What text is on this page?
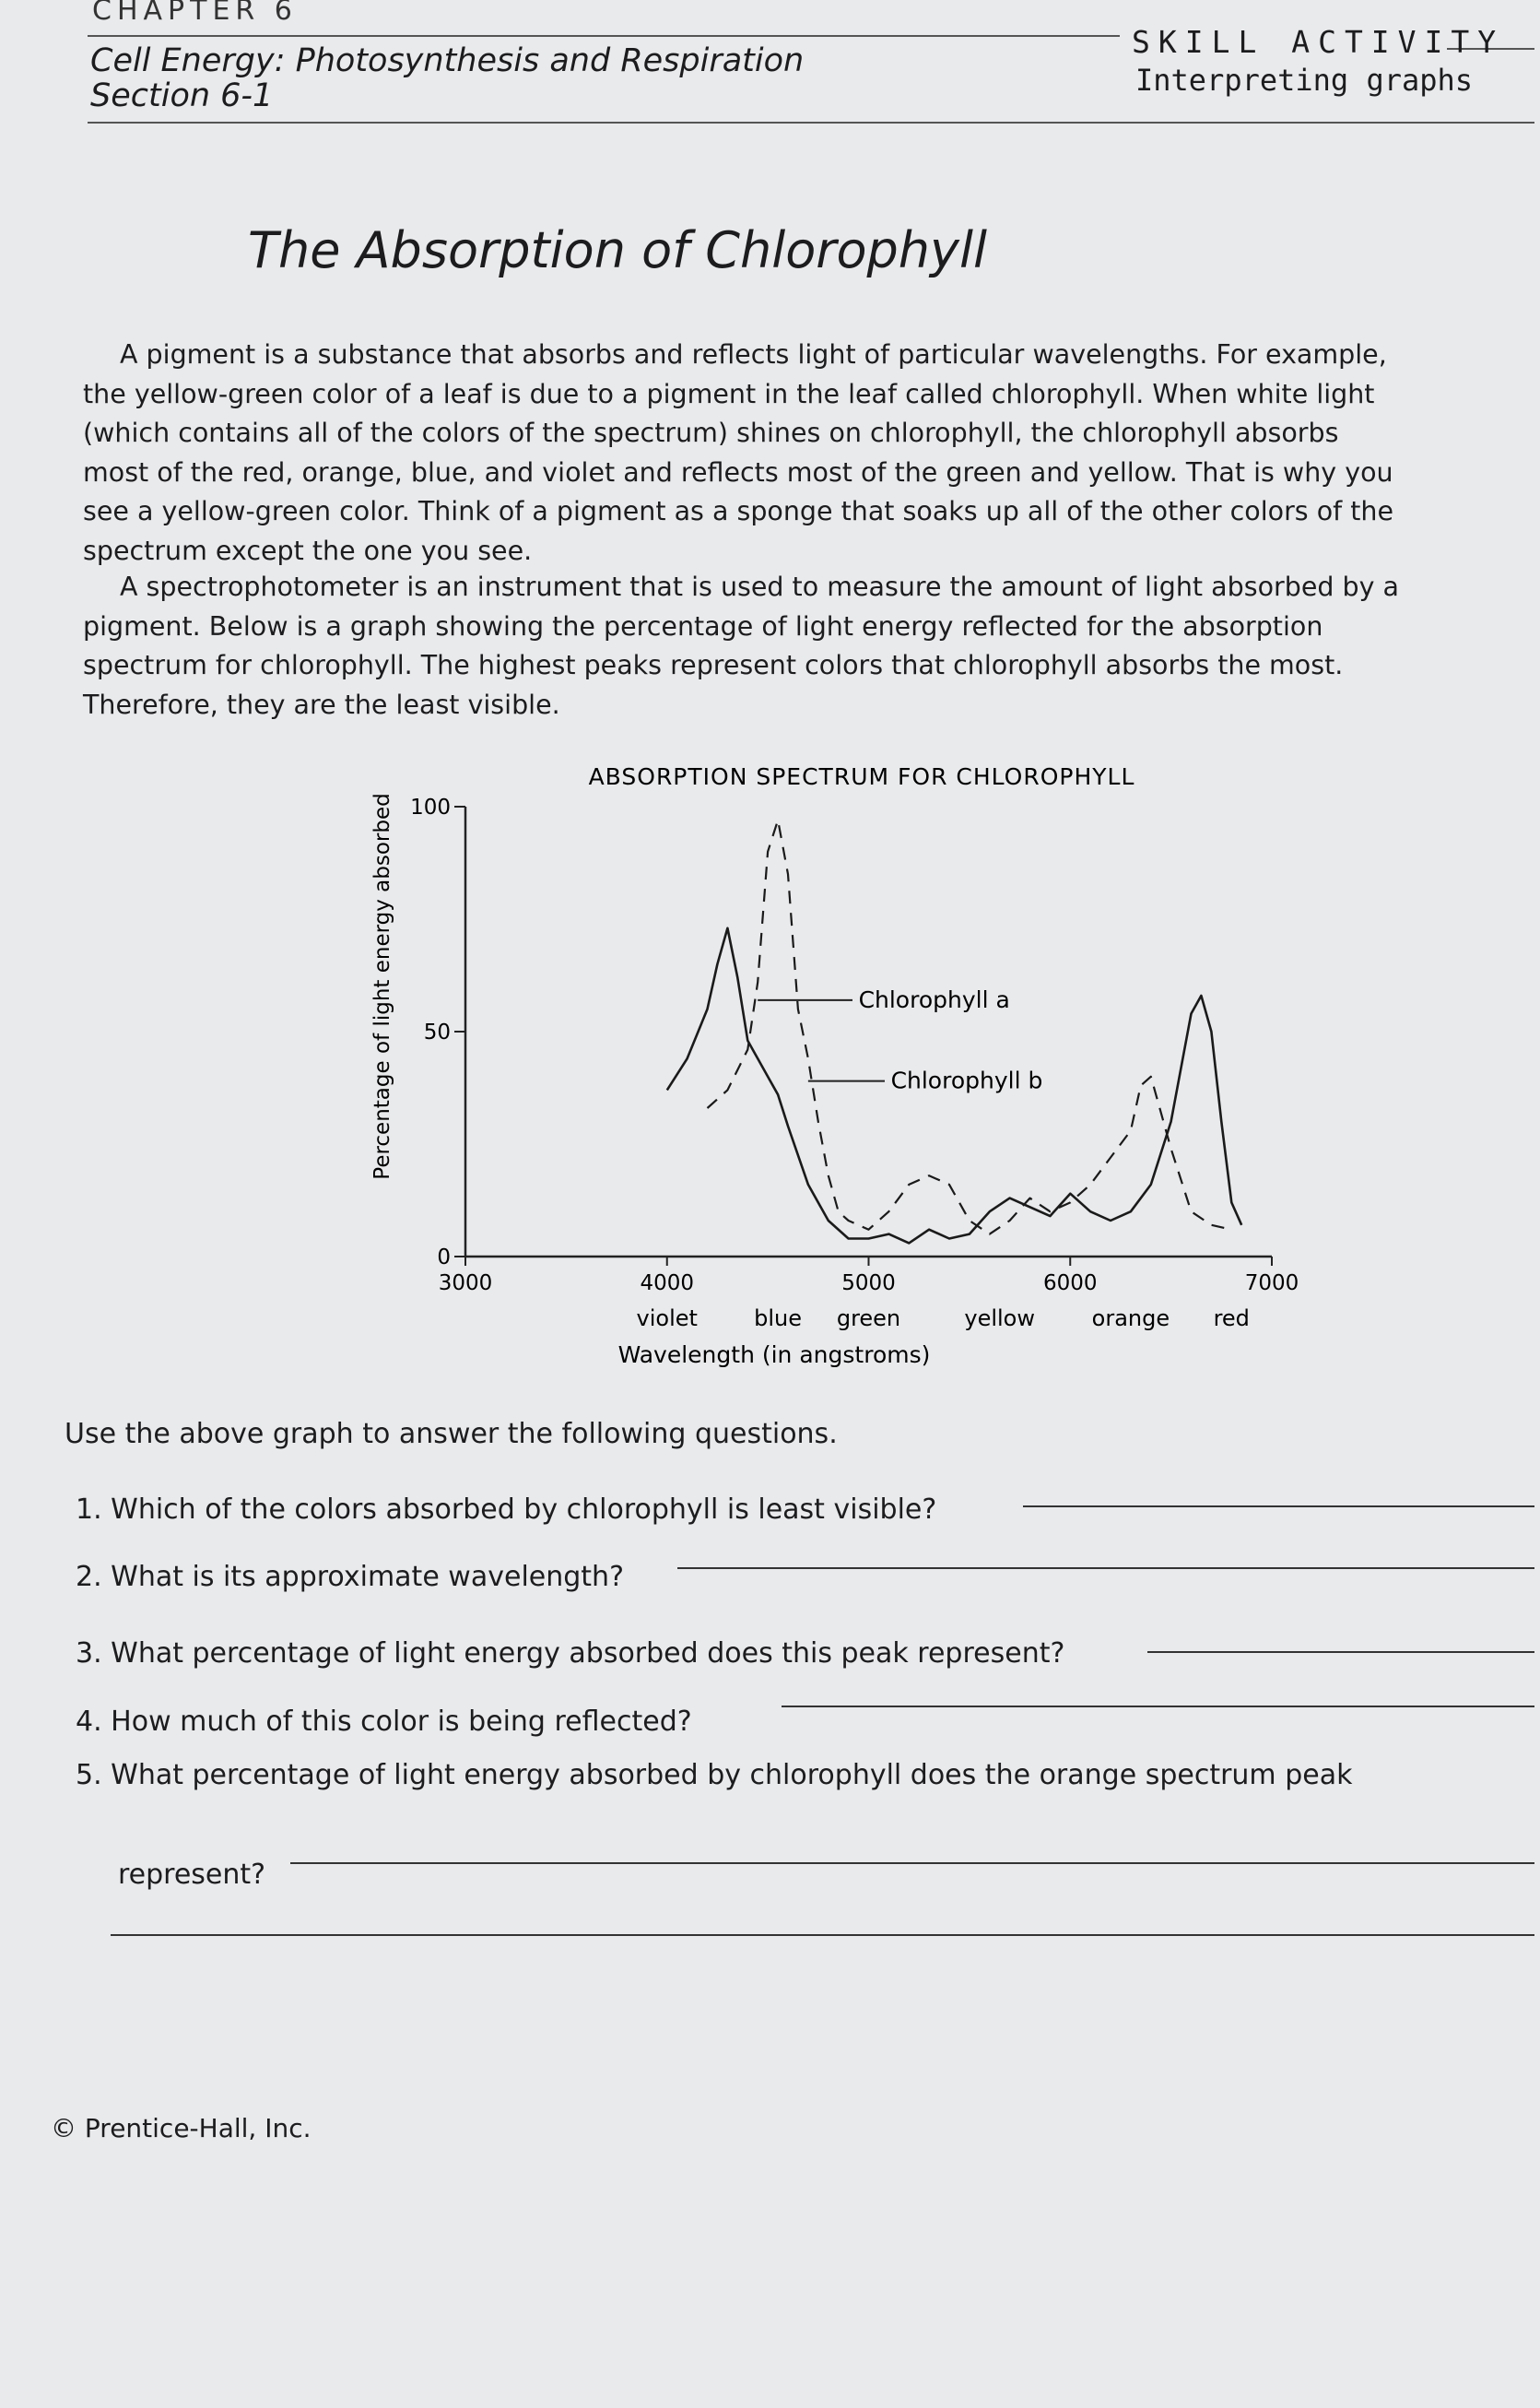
CHAPTER 6
Cell Energy: Photosynthesis and Respiration
Section 6-1
SKILL ACTIVITY
Interpreting graphs
The Absorption of Chlorophyll
A pigment is a substance that absorbs and reflects light of particular wavelengths. For example, the yellow-green color of a leaf is due to a pigment in the leaf called chlorophyll. When white light (which contains all of the colors of the spectrum) shines on chlorophyll, the chlorophyll absorbs most of the red, orange, blue, and violet and reflects most of the green and yellow. That is why you see a yellow-green color. Think of a pigment as a sponge that soaks up all of the other colors of the spectrum except the one you see.
A spectrophotometer is an instrument that is used to measure the amount of light absorbed by a pigment. Below is a graph showing the percentage of light energy reflected for the absorption spectrum for chlorophyll. The highest peaks represent colors that chlorophyll absorbs the most. Therefore, they are the least visible.
ABSORPTION SPECTRUM FOR CHLOROPHYLL
Percentage of light energy absorbed
Wavelength (in angstroms)
0
50
100
3000	4000	5000	6000	7000
violet	blue green	yellow	orange red
Chlorophyll a
Chlorophyll b
Use the above graph to answer the following questions.
1. Which of the colors absorbed by chlorophyll is least visible?
2. What is its approximate wavelength?
3. What percentage of light energy absorbed does this peak represent?
4. How much of this color is being reflected?
5. What percentage of light energy absorbed by chlorophyll does the orange spectrum peak
represent?
© Prentice-Hall, Inc.
